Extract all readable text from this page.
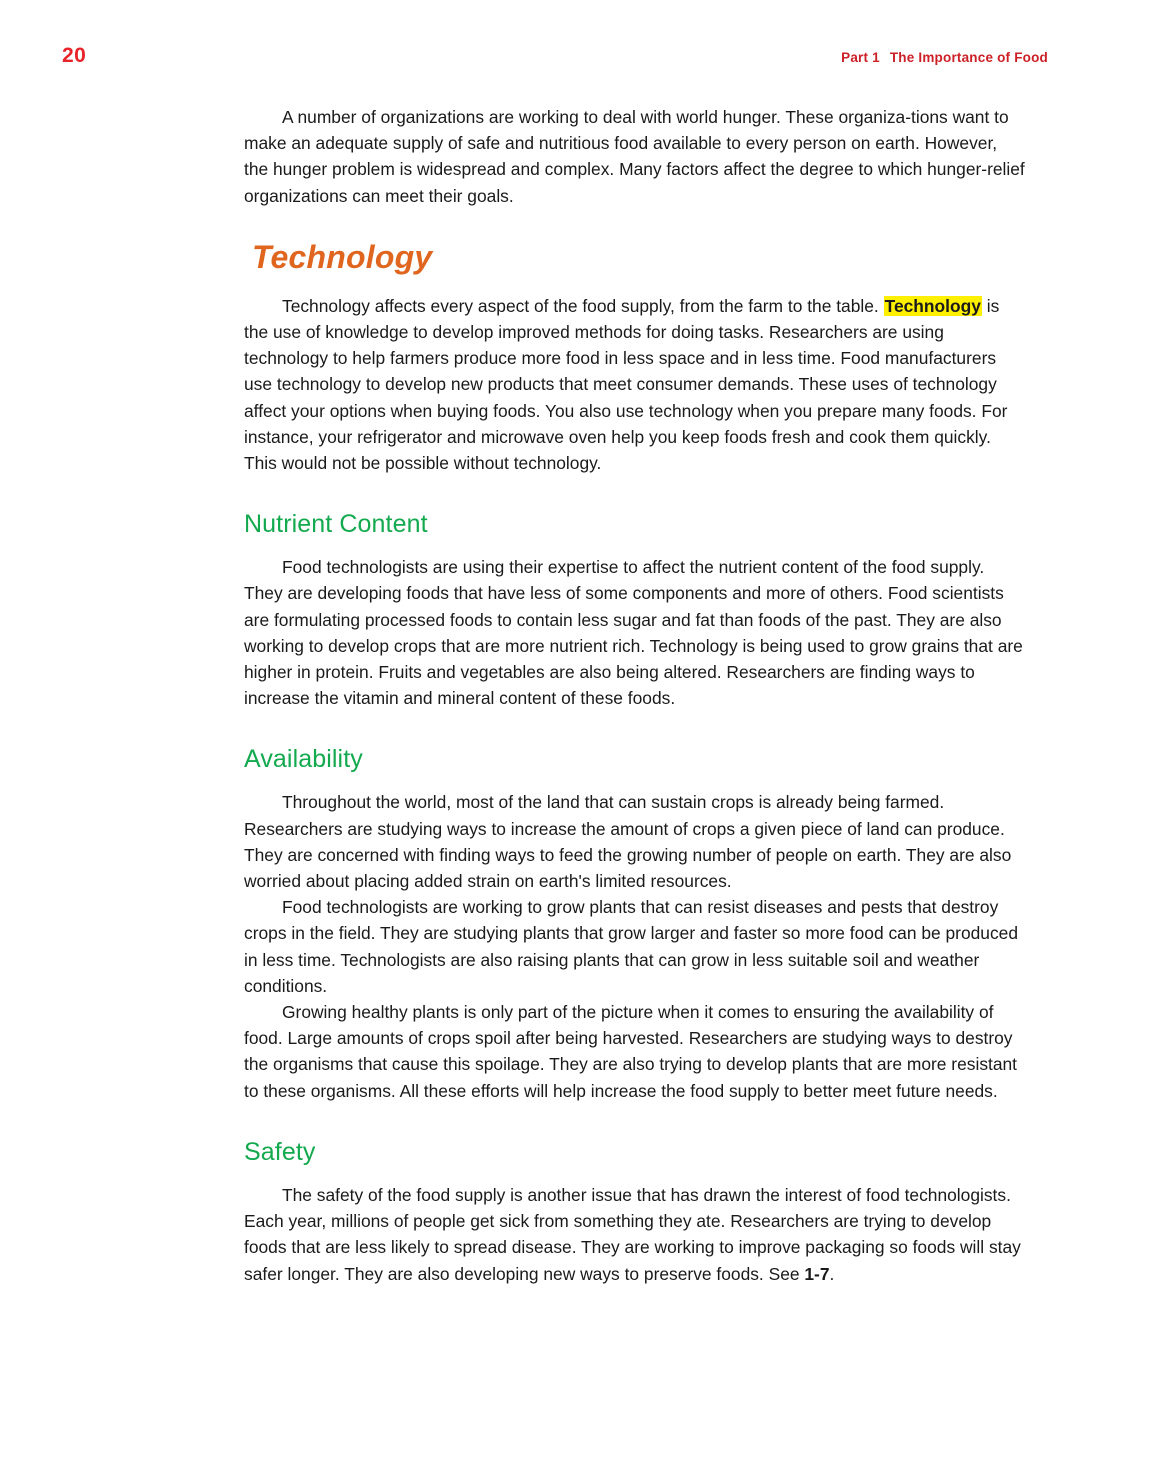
20	Part 1 The Importance of Food

A number of organizations are working to deal with world hunger. These organiza-tions want to make an adequate supply of safe and nutritious food available to every person on earth. However, the hunger problem is widespread and complex. Many factors affect the degree to which hunger-relief organizations can meet their goals.

Technology

Technology affects every aspect of the food supply, from the farm to the table. Technology is the use of knowledge to develop improved methods for doing tasks. Researchers are using technology to help farmers produce more food in less space and in less time. Food manufacturers use technology to develop new products that meet consumer demands. These uses of technology affect your options when buying foods. You also use technology when you prepare many foods. For instance, your refrigerator and microwave oven help you keep foods fresh and cook them quickly. This would not be possible without technology.

Nutrient Content

Food technologists are using their expertise to affect the nutrient content of the food supply. They are developing foods that have less of some components and more of others. Food scientists are formulating processed foods to contain less sugar and fat than foods of the past. They are also working to develop crops that are more nutrient rich. Technology is being used to grow grains that are higher in protein. Fruits and vegetables are also being altered. Researchers are finding ways to increase the vitamin and mineral content of these foods.

Availability

Throughout the world, most of the land that can sustain crops is already being farmed. Researchers are studying ways to increase the amount of crops a given piece of land can produce. They are concerned with finding ways to feed the growing number of people on earth. They are also worried about placing added strain on earth's limited resources.

Food technologists are working to grow plants that can resist diseases and pests that destroy crops in the field. They are studying plants that grow larger and faster so more food can be produced in less time. Technologists are also raising plants that can grow in less suitable soil and weather conditions.

Growing healthy plants is only part of the picture when it comes to ensuring the availability of food. Large amounts of crops spoil after being harvested. Researchers are studying ways to destroy the organisms that cause this spoilage. They are also trying to develop plants that are more resistant to these organisms. All these efforts will help increase the food supply to better meet future needs.

Safety

The safety of the food supply is another issue that has drawn the interest of food technologists. Each year, millions of people get sick from something they ate. Researchers are trying to develop foods that are less likely to spread disease. They are working to improve packaging so foods will stay safer longer. They are also developing new ways to preserve foods. See 1-7.
